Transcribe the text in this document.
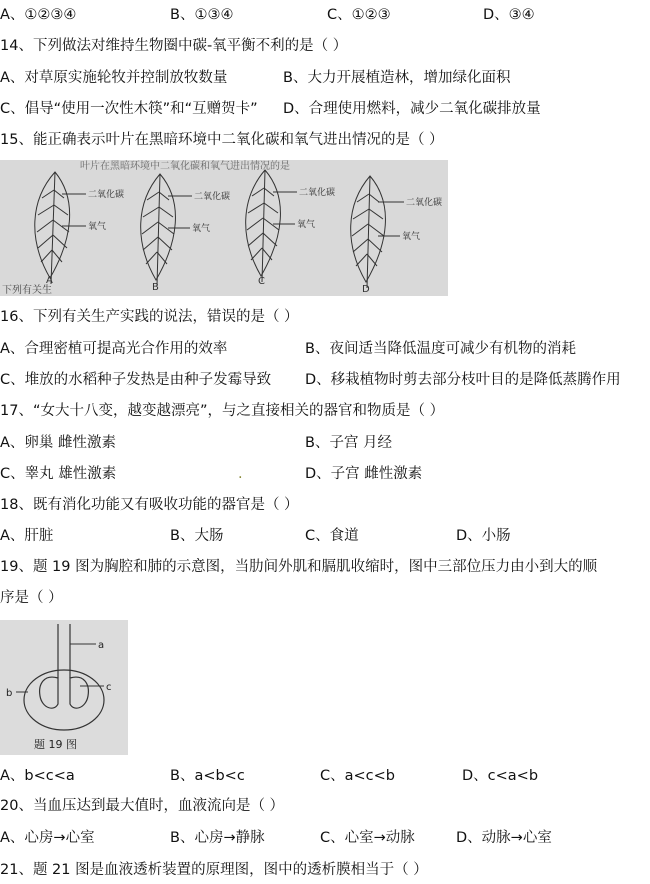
A、①②③④	B、①③④	C、①②③	D、③④
14、下列做法对维持生物圈中碳-氧平衡不利的是（ ）
A、对草原实施轮牧并控制放牧数量	B、大力开展植造林，增加绿化面积
C、倡导“使用一次性木筷”和“互赠贺卡” D、合理使用燃料，减少二氧化碳排放量
15、能正确表示叶片在黑暗环境中二氧化碳和氧气进出情况的是（ ）
叶片在黑暗环境中二氧化碳和氧气进出情况的是
二氧化碳
氧气
A
二氧化碳
氧气
B
二氧化碳
氧气
C
二氧化碳
氧气
D
下列有关生
16、下列有关生产实践的说法，错误的是（ ）
A、合理密植可提高光合作用的效率	B、夜间适当降低温度可减少有机物的消耗
C、堆放的水稻种子发热是由种子发霉导致 D、移栽植物时剪去部分枝叶目的是降低蒸腾作用
17、“女大十八变，越变越漂亮”，与之直接相关的器官和物质是（ ）
A、卵巢 雌性激素	B、子宫 月经
C、睾丸 雄性激素	.	D、子宫 雌性激素
18、既有消化功能又有吸收功能的器官是（ ）
A、肝脏	B、大肠	C、食道	D、小肠
19、题 19 图为胸腔和肺的示意图，当肋间外肌和膈肌收缩时，图中三部位压力由小到大的顺
序是（ ）
a
b
c
题 19 图
A、b<c<a	B、a<b<c	C、a<c<b	D、c<a<b
20、当血压达到最大值时，血液流向是（ ）
A、心房→心室	B、心房→静脉	C、心室→动脉	D、动脉→心室
21、题 21 图是血液透析装置的原理图，图中的透析膜相当于（ ）
